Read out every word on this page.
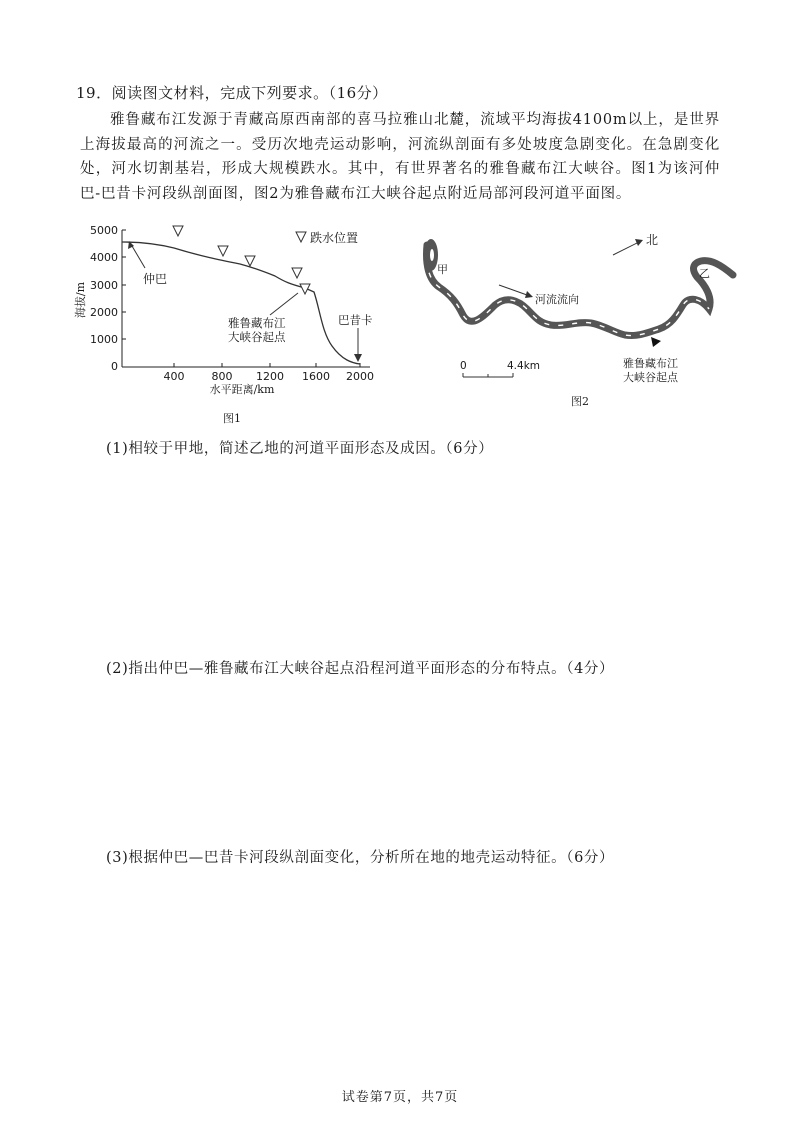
19．阅读图文材料，完成下列要求。（16分）
雅鲁藏布江发源于青藏高原西南部的喜马拉雅山北麓，流域平均海拔4100m以上，是世界上海拔最高的河流之一。受历次地壳运动影响，河流纵剖面有多处坡度急剧变化。在急剧变化处，河水切割基岩，形成大规模跌水。其中，有世界著名的雅鲁藏布江大峡谷。图1为该河仲巴-巴昔卡河段纵剖面图，图2为雅鲁藏布江大峡谷起点附近局部河段河道平面图。
5000
4000
3000
2000
1000
0
海拔/m
400 800 1200 1600 2000
水平距离/km
跌水位置
仲巴
雅鲁藏布江
大峡谷起点
巴昔卡
图1
甲
河流流向
北
乙
0	4.4km	雅鲁藏布江
大峡谷起点
图2
(1)相较于甲地，简述乙地的河道平面形态及成因。（6分）
(2)指出仲巴—雅鲁藏布江大峡谷起点沿程河道平面形态的分布特点。（4分）
(3)根据仲巴—巴昔卡河段纵剖面变化，分析所在地的地壳运动特征。（6分）
试卷第7页，共7页
